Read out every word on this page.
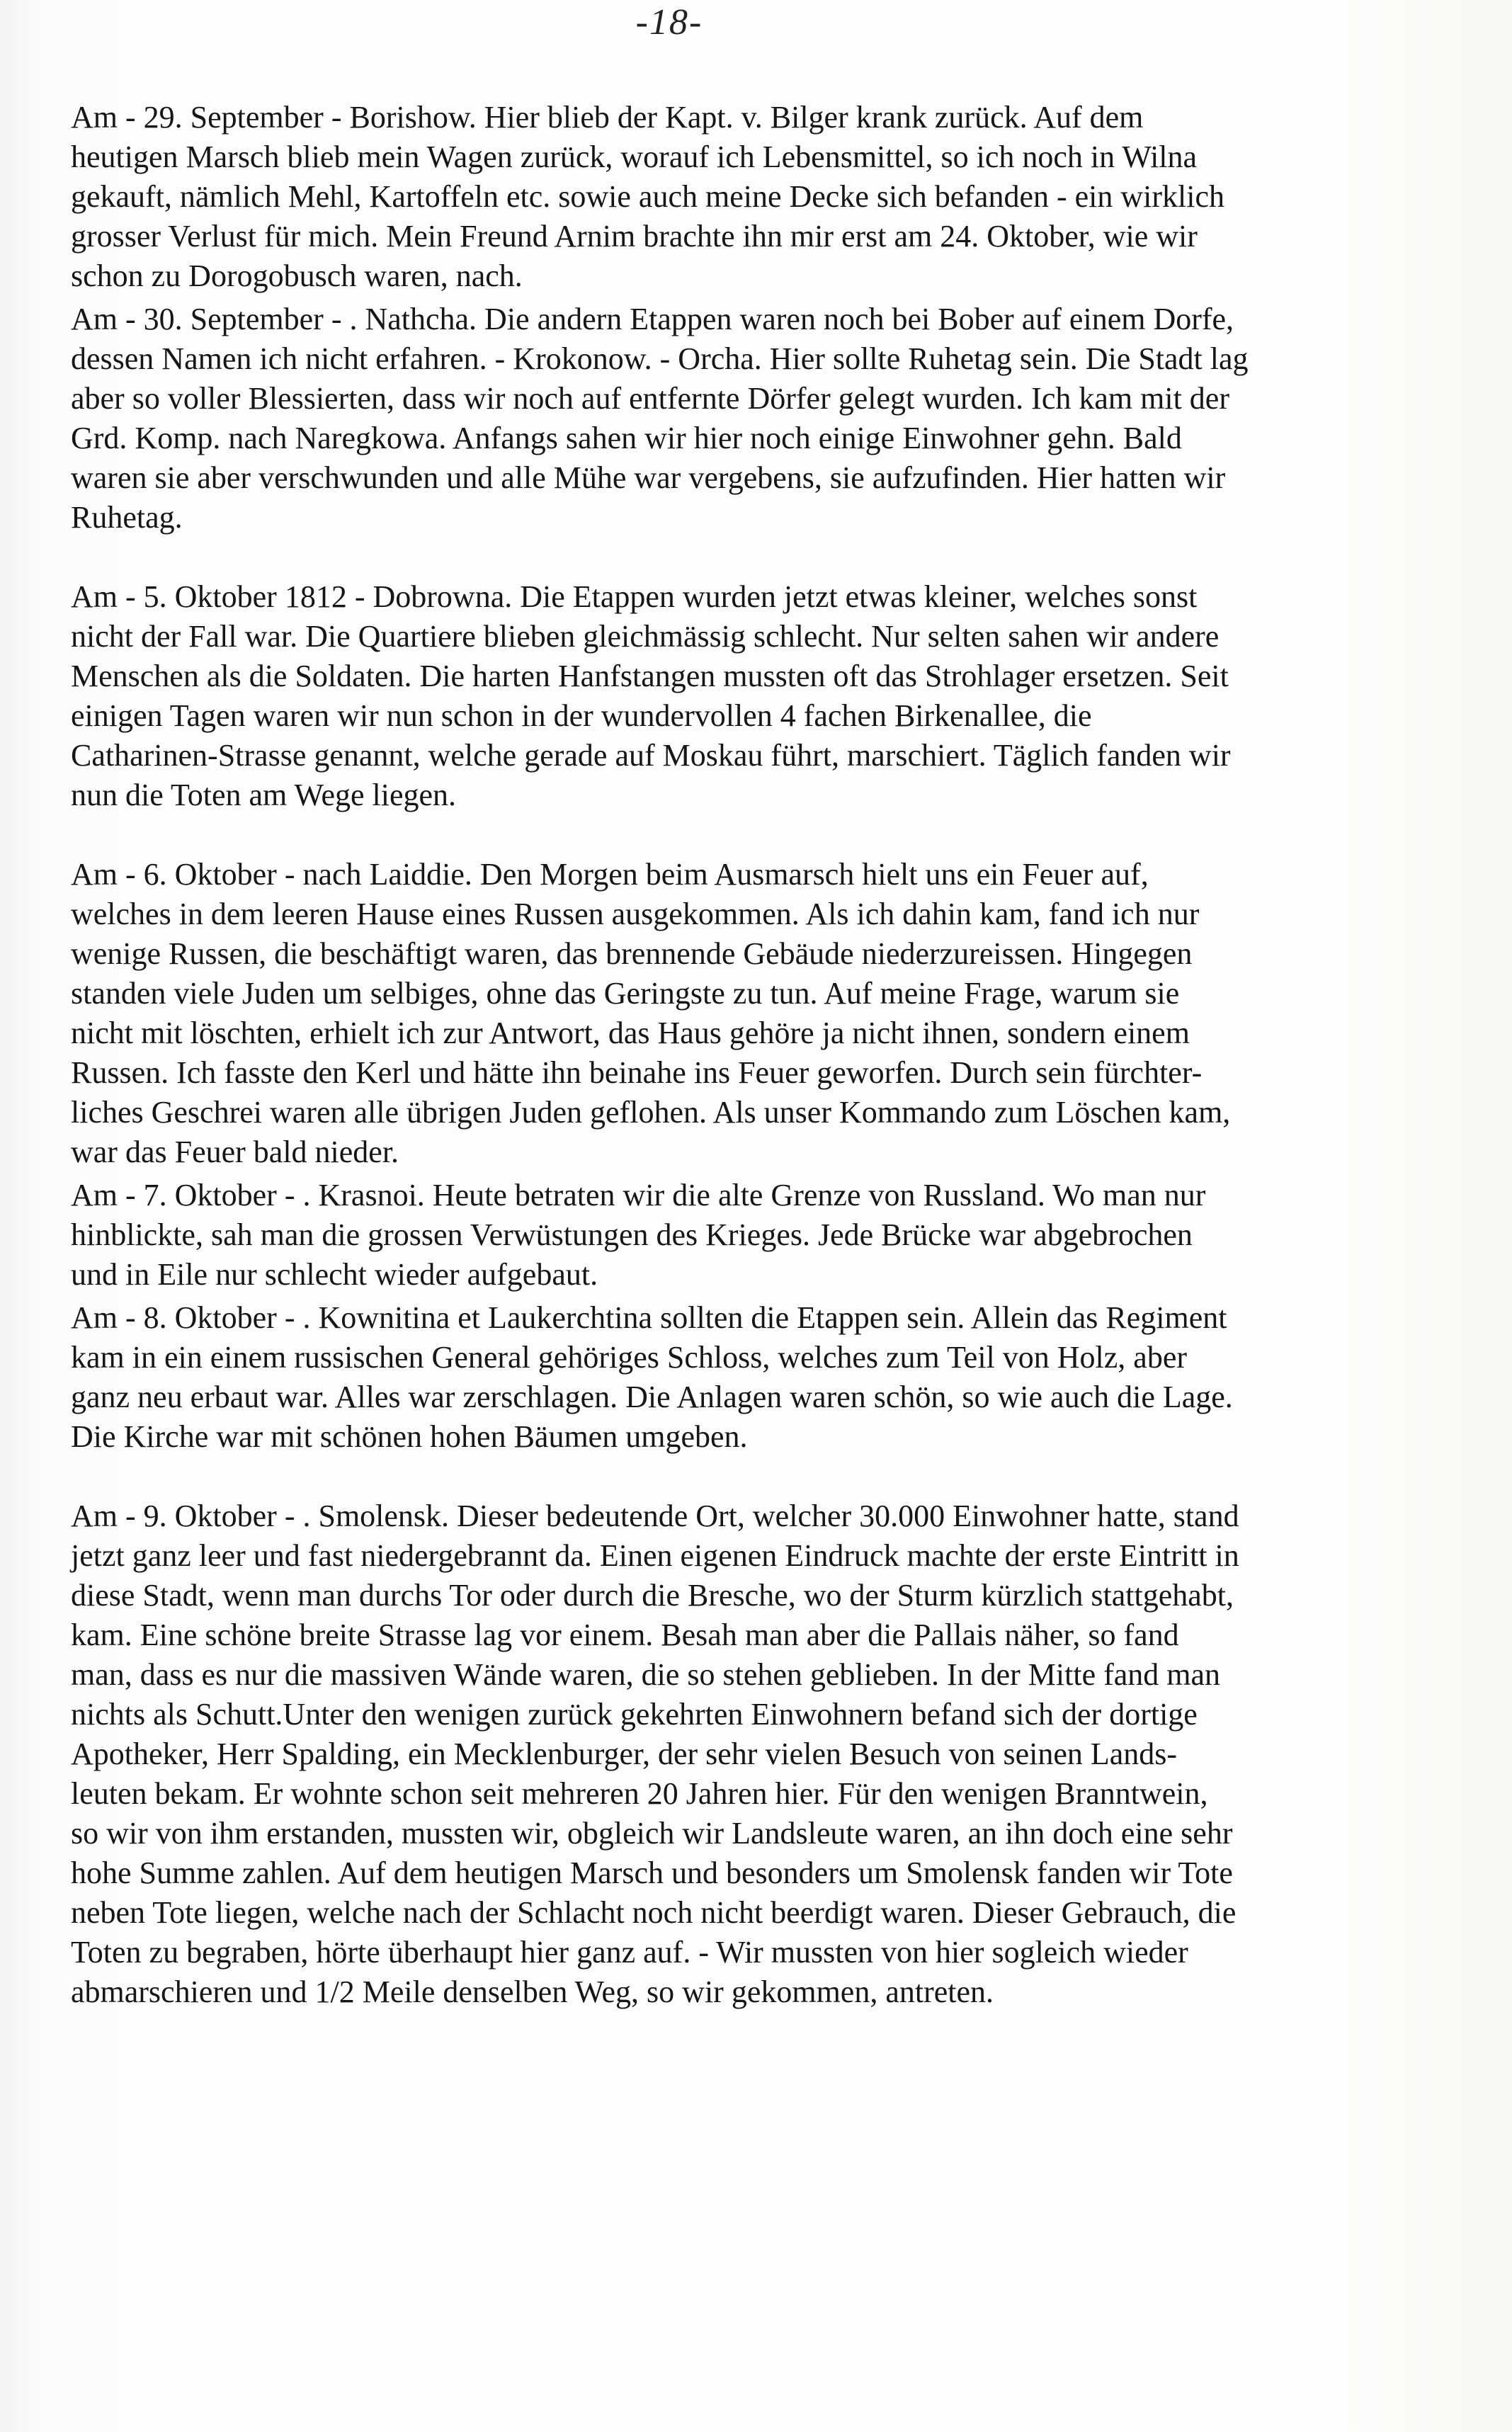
-18-

Am - 29. September - Borishow. Hier blieb der Kapt. v. Bilger krank zurück. Auf dem
heutigen Marsch blieb mein Wagen zurück, worauf ich Lebensmittel, so ich noch in Wilna
gekauft, nämlich Mehl, Kartoffeln etc. sowie auch meine Decke sich befanden - ein wirklich
grosser Verlust für mich. Mein Freund Arnim brachte ihn mir erst am 24. Oktober, wie wir
schon zu Dorogobusch waren, nach.

Am - 30. September - . Nathcha. Die andern Etappen waren noch bei Bober auf einem Dorfe,
dessen Namen ich nicht erfahren. - Krokonow. - Orcha. Hier sollte Ruhetag sein. Die Stadt lag
aber so voller Blessierten, dass wir noch auf entfernte Dörfer gelegt wurden. Ich kam mit der
Grd. Komp. nach Naregkowa. Anfangs sahen wir hier noch einige Einwohner gehn. Bald
waren sie aber verschwunden und alle Mühe war vergebens, sie aufzufinden. Hier hatten wir
Ruhetag.

Am - 5. Oktober 1812 - Dobrowna. Die Etappen wurden jetzt etwas kleiner, welches sonst
nicht der Fall war. Die Quartiere blieben gleichmässig schlecht. Nur selten sahen wir andere
Menschen als die Soldaten. Die harten Hanfstangen mussten oft das Strohlager ersetzen. Seit
einigen Tagen waren wir nun schon in der wundervollen 4 fachen Birkenallee, die
Catharinen-Strasse genannt, welche gerade auf Moskau führt, marschiert. Täglich fanden wir
nun die Toten am Wege liegen.

Am - 6. Oktober - nach Laiddie. Den Morgen beim Ausmarsch hielt uns ein Feuer auf,
welches in dem leeren Hause eines Russen ausgekommen. Als ich dahin kam, fand ich nur
wenige Russen, die beschäftigt waren, das brennende Gebäude niederzureissen. Hingegen
standen viele Juden um selbiges, ohne das Geringste zu tun. Auf meine Frage, warum sie
nicht mit löschten, erhielt ich zur Antwort, das Haus gehöre ja nicht ihnen, sondern einem
Russen. Ich fasste den Kerl und hätte ihn beinahe ins Feuer geworfen. Durch sein fürchter-
liches Geschrei waren alle übrigen Juden geflohen. Als unser Kommando zum Löschen kam,
war das Feuer bald nieder.

Am - 7. Oktober - . Krasnoi. Heute betraten wir die alte Grenze von Russland. Wo man nur
hinblickte, sah man die grossen Verwüstungen des Krieges. Jede Brücke war abgebrochen
und in Eile nur schlecht wieder aufgebaut.

Am - 8. Oktober - . Kownitina et Laukerchtina sollten die Etappen sein. Allein das Regiment
kam in ein einem russischen General gehöriges Schloss, welches zum Teil von Holz, aber
ganz neu erbaut war. Alles war zerschlagen. Die Anlagen waren schön, so wie auch die Lage.
Die Kirche war mit schönen hohen Bäumen umgeben.

Am - 9. Oktober - . Smolensk. Dieser bedeutende Ort, welcher 30.000 Einwohner hatte, stand
jetzt ganz leer und fast niedergebrannt da. Einen eigenen Eindruck machte der erste Eintritt in
diese Stadt, wenn man durchs Tor oder durch die Bresche, wo der Sturm kürzlich stattgehabt,
kam. Eine schöne breite Strasse lag vor einem. Besah man aber die Pallais näher, so fand
man, dass es nur die massiven Wände waren, die so stehen geblieben. In der Mitte fand man
nichts als Schutt.Unter den wenigen zurück gekehrten Einwohnern befand sich der dortige
Apotheker, Herr Spalding, ein Mecklenburger, der sehr vielen Besuch von seinen Lands-
leuten bekam. Er wohnte schon seit mehreren 20 Jahren hier. Für den wenigen Branntwein,
so wir von ihm erstanden, mussten wir, obgleich wir Landsleute waren, an ihn doch eine sehr
hohe Summe zahlen. Auf dem heutigen Marsch und besonders um Smolensk fanden wir Tote
neben Tote liegen, welche nach der Schlacht noch nicht beerdigt waren. Dieser Gebrauch, die
Toten zu begraben, hörte überhaupt hier ganz auf. - Wir mussten von hier sogleich wieder
abmarschieren und 1/2 Meile denselben Weg, so wir gekommen, antreten.
